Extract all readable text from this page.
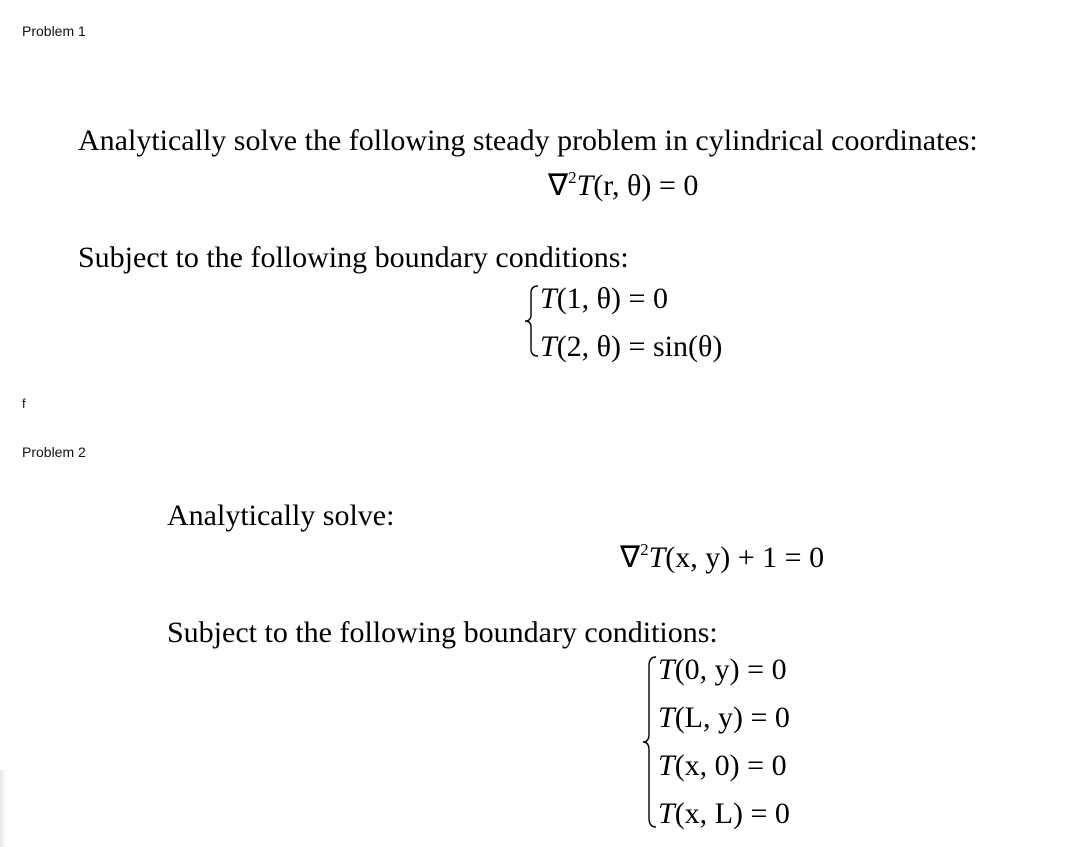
Problem 1
Analytically solve the following steady problem in cylindrical coordinates:
∇$^2$T(r, θ) = 0
Subject to the following boundary conditions:
T(1, θ) = 0
T(2, θ) = sin(θ)
f
Problem 2
Analytically solve:
∇$^2$T(x, y) + 1 = 0
Subject to the following boundary conditions:
T(0, y) = 0
T(L, y) = 0
T(x, 0) = 0
T(x, L) = 0
